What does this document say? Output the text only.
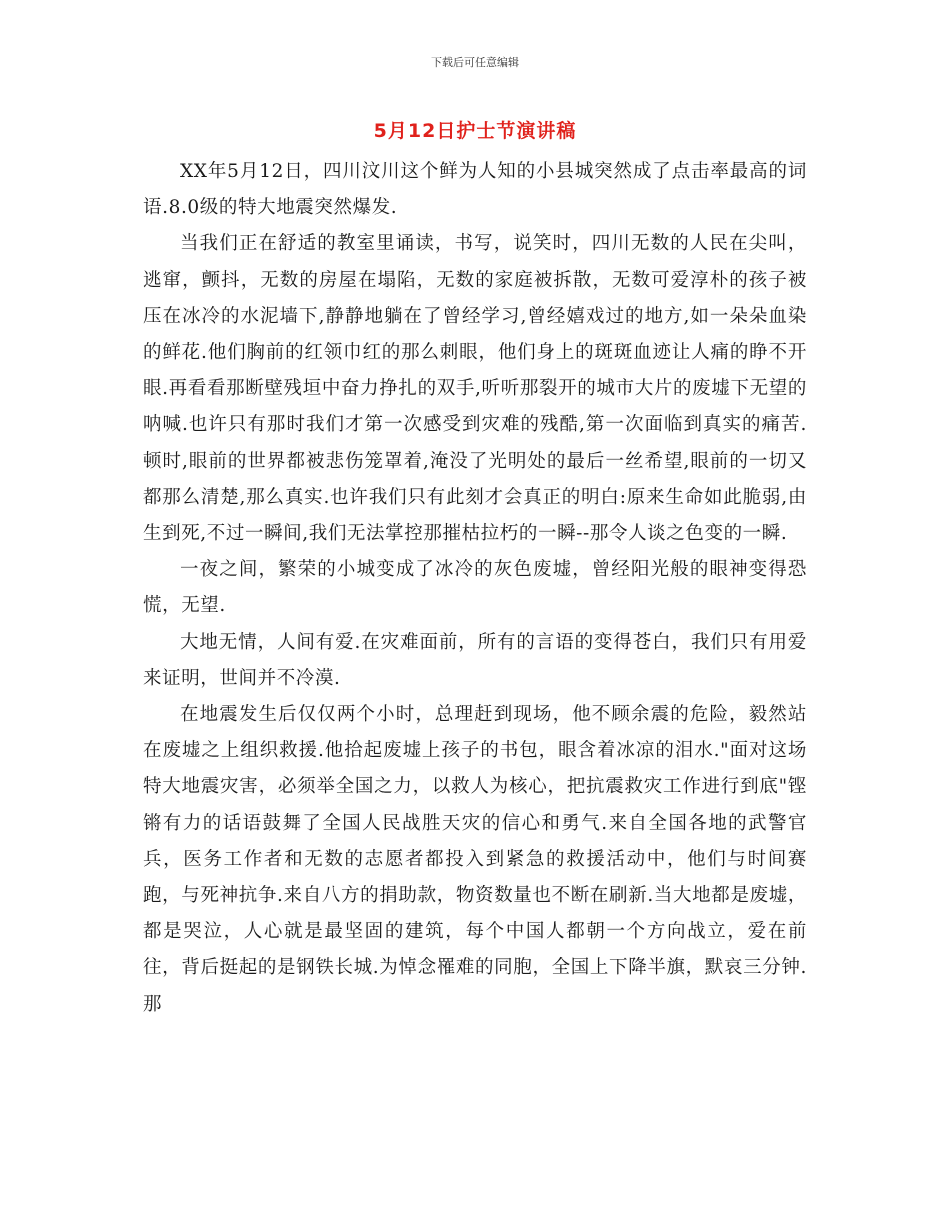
下载后可任意编辑
5月12日护士节演讲稿

XX年5月12日，四川汶川这个鲜为人知的小县城突然成了点击率最高的词语.8.0级的特大地震突然爆发.

当我们正在舒适的教室里诵读，书写，说笑时，四川无数的人民在尖叫，逃窜，颤抖，无数的房屋在塌陷，无数的家庭被拆散，无数可爱淳朴的孩子被压在冰冷的水泥墙下,静静地躺在了曾经学习,曾经嬉戏过的地方,如一朵朵血染的鲜花.他们胸前的红领巾红的那么刺眼，他们身上的斑斑血迹让人痛的睁不开眼.再看看那断壁残垣中奋力挣扎的双手,听听那裂开的城市大片的废墟下无望的呐喊.也许只有那时我们才第一次感受到灾难的残酷,第一次面临到真实的痛苦.顿时,眼前的世界都被悲伤笼罩着,淹没了光明处的最后一丝希望,眼前的一切又都那么清楚,那么真实.也许我们只有此刻才会真正的明白:原来生命如此脆弱,由生到死,不过一瞬间,我们无法掌控那摧枯拉朽的一瞬--那令人谈之色变的一瞬.

一夜之间，繁荣的小城变成了冰冷的灰色废墟，曾经阳光般的眼神变得恐慌，无望.

大地无情，人间有爱.在灾难面前，所有的言语的变得苍白，我们只有用爱来证明，世间并不冷漠.

在地震发生后仅仅两个小时，总理赶到现场，他不顾余震的危险，毅然站在废墟之上组织救援.他拾起废墟上孩子的书包，眼含着冰凉的泪水."面对这场特大地震灾害，必须举全国之力，以救人为核心，把抗震救灾工作进行到底"铿锵有力的话语鼓舞了全国人民战胜天灾的信心和勇气.来自全国各地的武警官兵，医务工作者和无数的志愿者都投入到紧急的救援活动中，他们与时间赛跑，与死神抗争.来自八方的捐助款，物资数量也不断在刷新.当大地都是废墟，都是哭泣，人心就是最坚固的建筑，每个中国人都朝一个方向战立，爱在前往，背后挺起的是钢铁长城.为悼念罹难的同胞，全国上下降半旗，默哀三分钟.那
